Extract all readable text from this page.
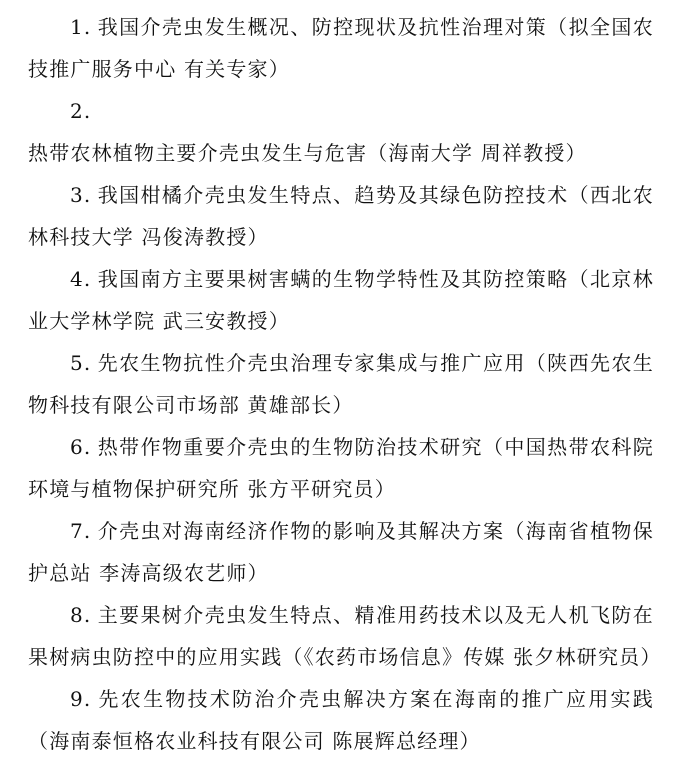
1. 我国介壳虫发生概况、防控现状及抗性治理对策（拟全国农技推广服务中心 有关专家）

2.热带农林植物主要介壳虫发生与危害（海南大学 周祥教授）

3. 我国柑橘介壳虫发生特点、趋势及其绿色防控技术（西北农林科技大学 冯俊涛教授）

4. 我国南方主要果树害螨的生物学特性及其防控策略（北京林业大学林学院 武三安教授）

5. 先农生物抗性介壳虫治理专家集成与推广应用（陕西先农生物科技有限公司市场部 黄雄部长）

6. 热带作物重要介壳虫的生物防治技术研究（中国热带农科院环境与植物保护研究所 张方平研究员）

7. 介壳虫对海南经济作物的影响及其解决方案（海南省植物保护总站 李涛高级农艺师）

8. 主要果树介壳虫发生特点、精准用药技术以及无人机飞防在果树病虫防控中的应用实践（《农药市场信息》传媒 张夕林研究员）

9. 先农生物技术防治介壳虫解决方案在海南的推广应用实践（海南泰恒格农业科技有限公司 陈展辉总经理）
